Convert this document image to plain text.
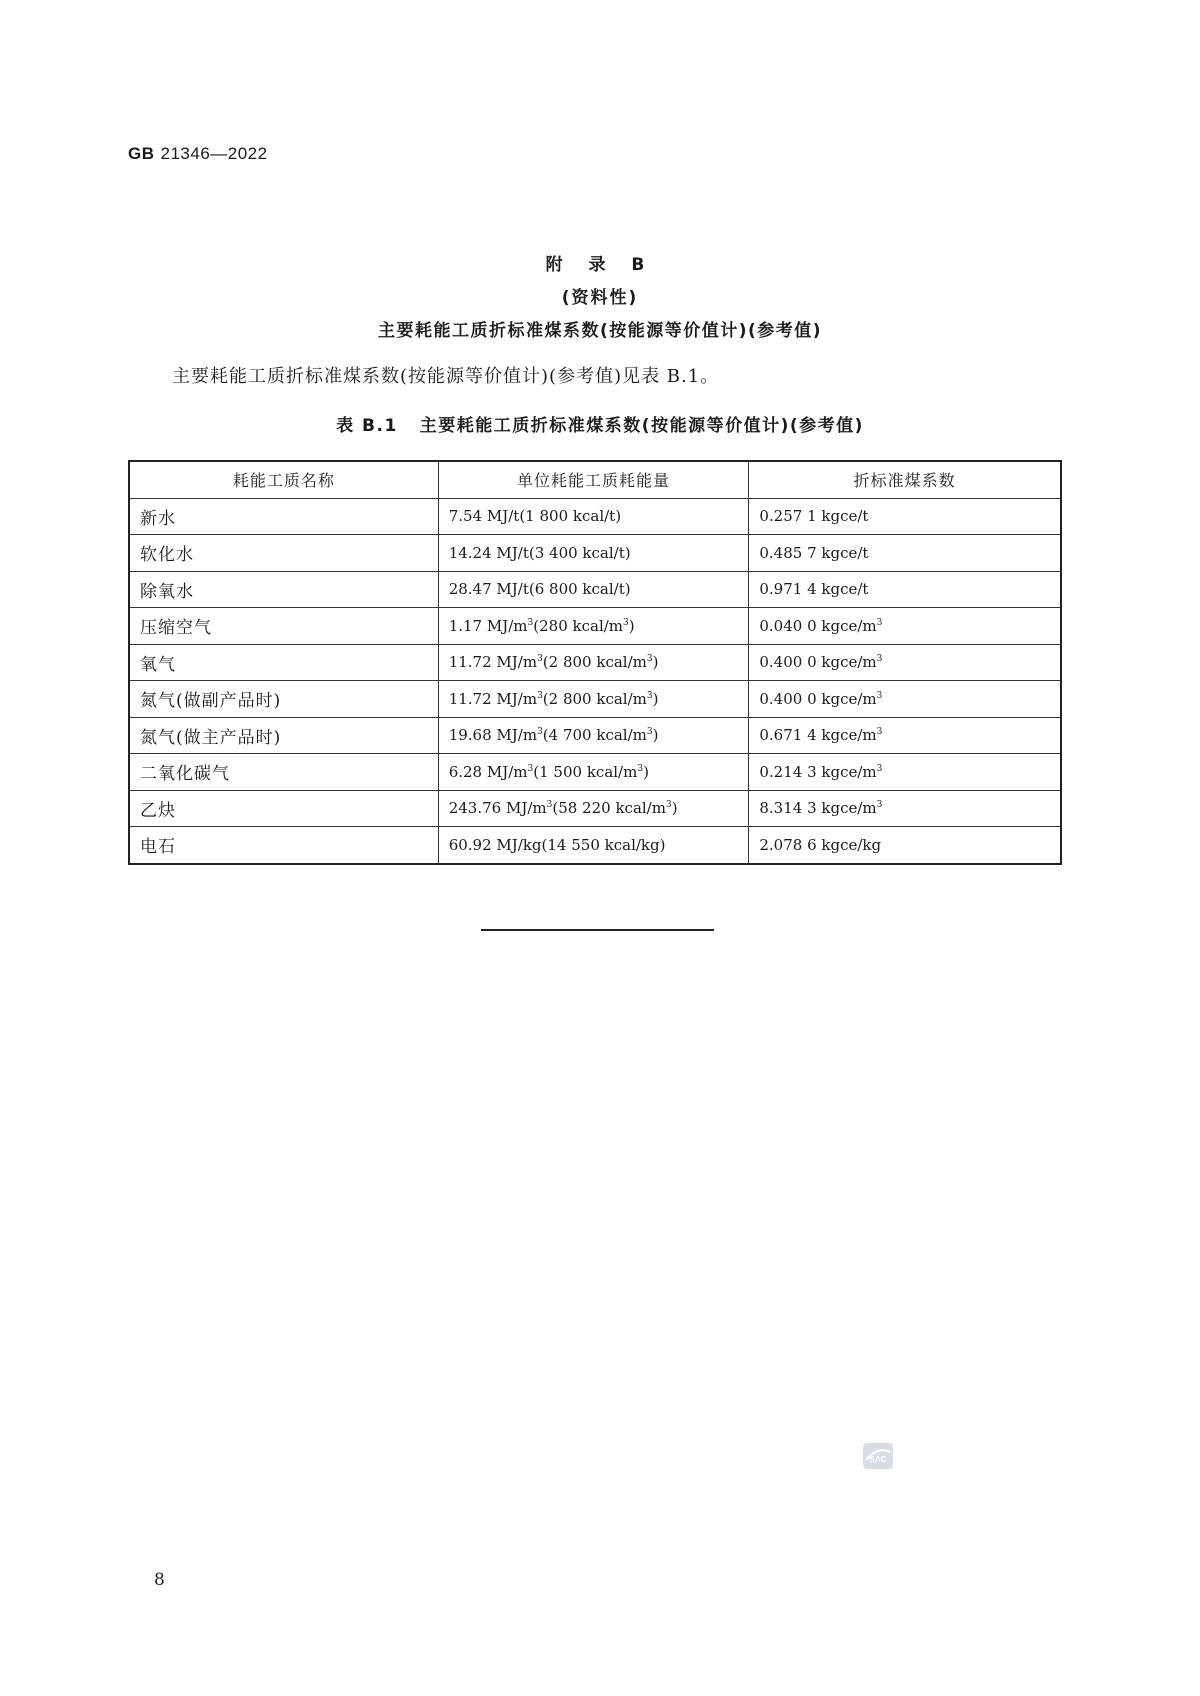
GB 21346—2022
附 录 B
(资料性)
主要耗能工质折标准煤系数(按能源等价值计)(参考值)
主要耗能工质折标准煤系数(按能源等价值计)(参考值)见表 B.1。
表 B.1 主要耗能工质折标准煤系数(按能源等价值计)(参考值)
耗能工质名称	单位耗能工质耗能量	折标准煤系数
新水	7.54 MJ/t(1 800 kcal/t)	0.257 1 kgce/t
软化水	14.24 MJ/t(3 400 kcal/t)	0.485 7 kgce/t
除氧水	28.47 MJ/t(6 800 kcal/t)	0.971 4 kgce/t
压缩空气	1.17 $MJ/m^3(280$ kcal/$m^3$)	0.040 0 kgce/$m^3$
氧气	11.72 $MJ/m^3(2$ 800 kcal/$m^3$)	0.400 0 kgce/$m^3$
氮气(做副产品时)	11.72 $MJ/m^3(2$ 800 kcal/$m^3$)	0.400 0 kgce/$m^3$
氮气(做主产品时)	19.68 $MJ/m^3(4$ 700 kcal/$m^3$)	0.671 4 kgce/$m^3$
二氧化碳气	6.28 $MJ/m^3(1$ 500 kcal/$m^3$)	0.214 3 kgce/$m^3$
乙炔	243.76 $MJ/m^3(58$ 220 kcal/$m^3$)	8.314 3 kgce/$m^3$
电石	60.92 MJ/kg(14 550 kcal/kg)	2.078 6 kgce/kg
SAC
8
